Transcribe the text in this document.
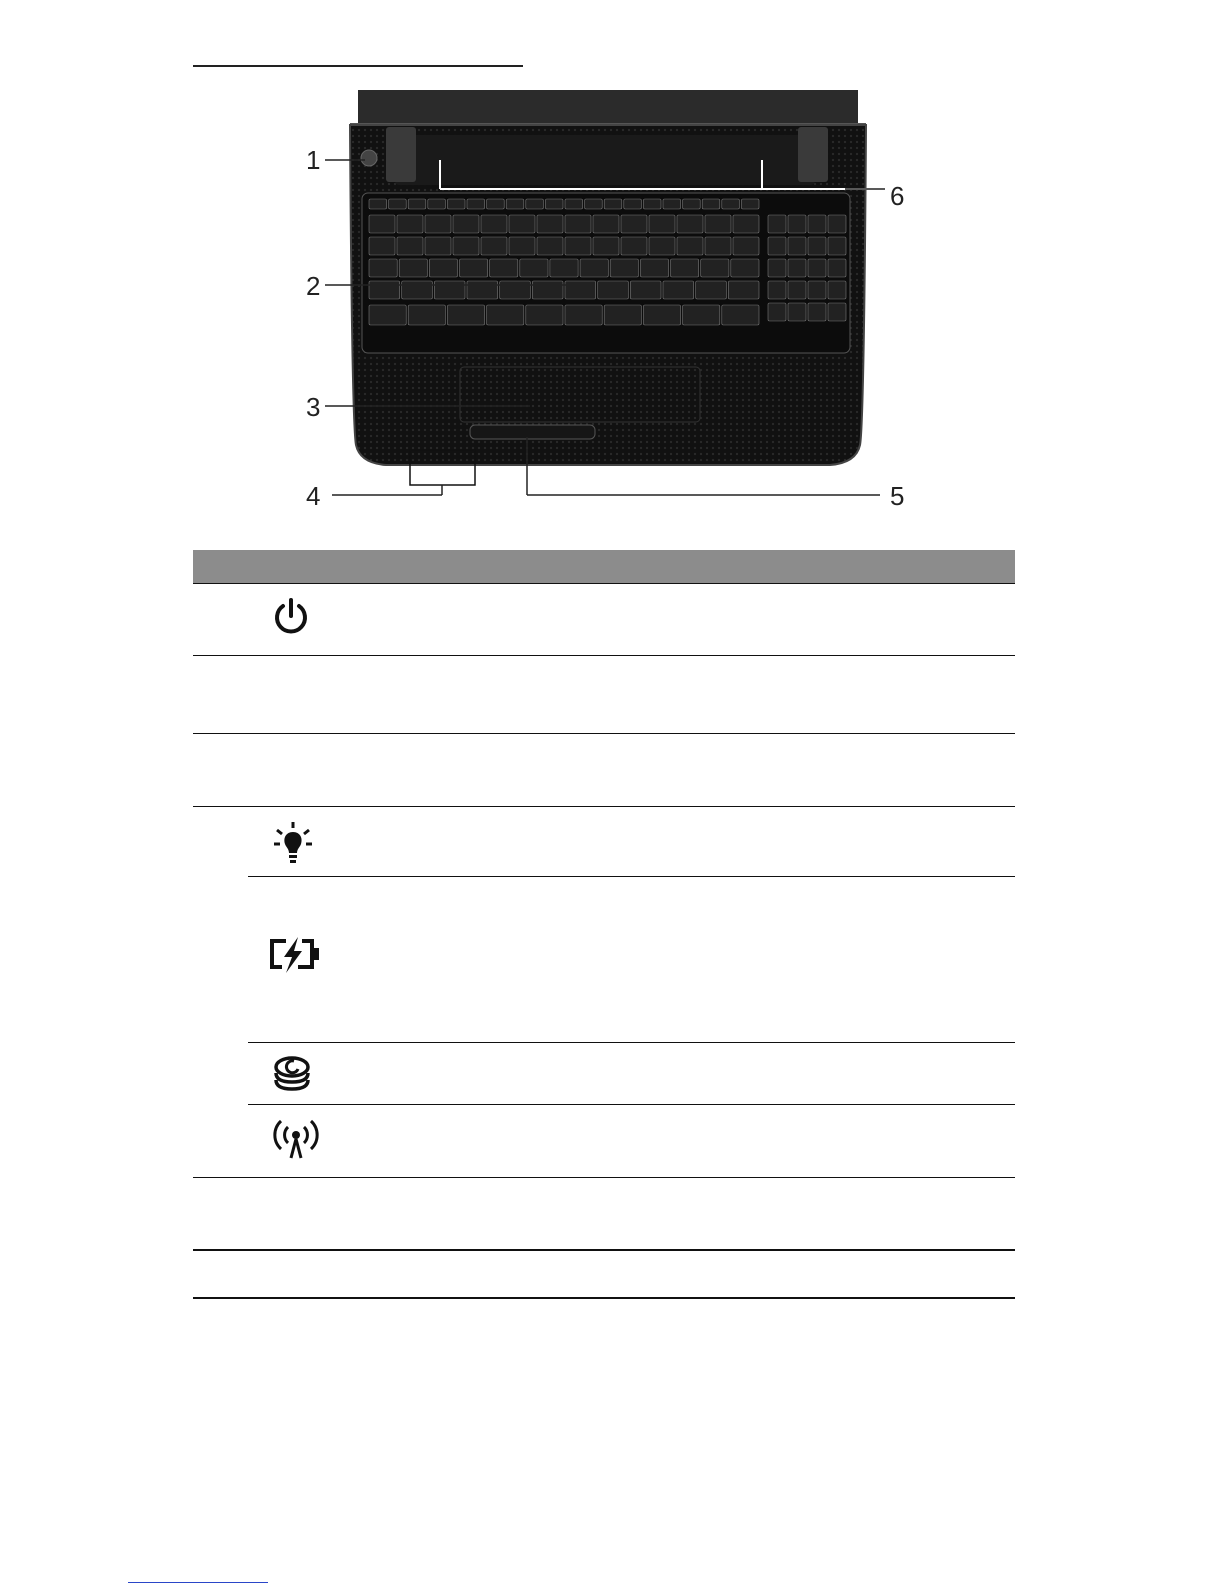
1
2
3
4	5
6
